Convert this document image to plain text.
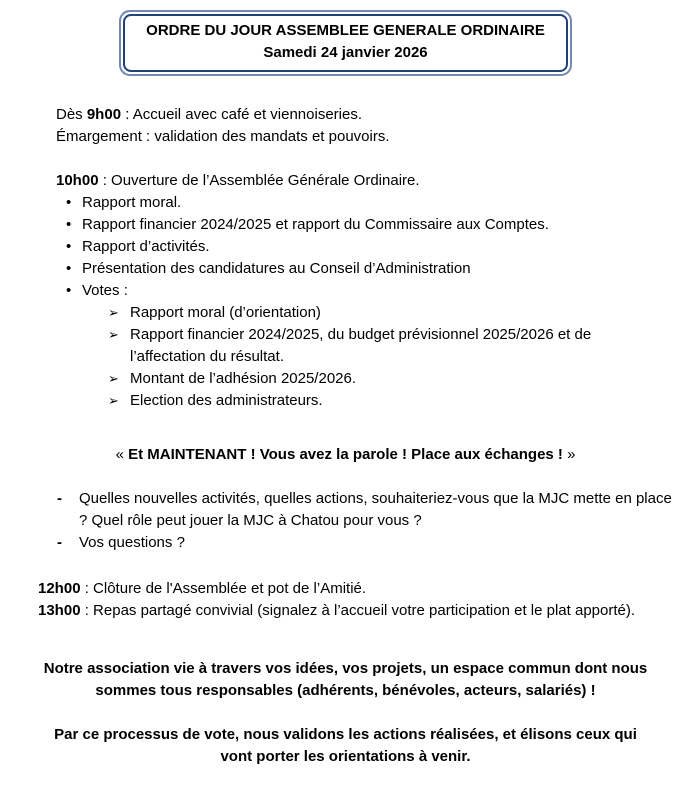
ORDRE DU JOUR ASSEMBLEE GENERALE ORDINAIRE
Samedi 24 janvier 2026
Dès 9h00 : Accueil avec café et viennoiseries.
Émargement : validation des mandats et pouvoirs.
10h00 : Ouverture de l’Assemblée Générale Ordinaire.
• Rapport moral.
• Rapport financier 2024/2025 et rapport du Commissaire aux Comptes.
• Rapport d’activités.
• Présentation des candidatures au Conseil d’Administration
• Votes :
➢ Rapport moral (d’orientation)
➢ Rapport financier 2024/2025, du budget prévisionnel 2025/2026 et de l’affectation du résultat.
➢ Montant de l’adhésion 2025/2026.
➢ Election des administrateurs.
« Et MAINTENANT ! Vous avez la parole ! Place aux échanges ! »
- Quelles nouvelles activités, quelles actions, souhaiteriez-vous que la MJC mette en place ? Quel rôle peut jouer la MJC à Chatou pour vous ?
- Vos questions ?
12h00 : Clôture de l'Assemblée et pot de l’Amitié.
13h00 : Repas partagé convivial (signalez à l’accueil votre participation et le plat apporté).
Notre association vie à travers vos idées, vos projets, un espace commun dont nous sommes tous responsables (adhérents, bénévoles, acteurs, salariés) !
Par ce processus de vote, nous validons les actions réalisées, et élisons ceux qui vont porter les orientations à venir.
